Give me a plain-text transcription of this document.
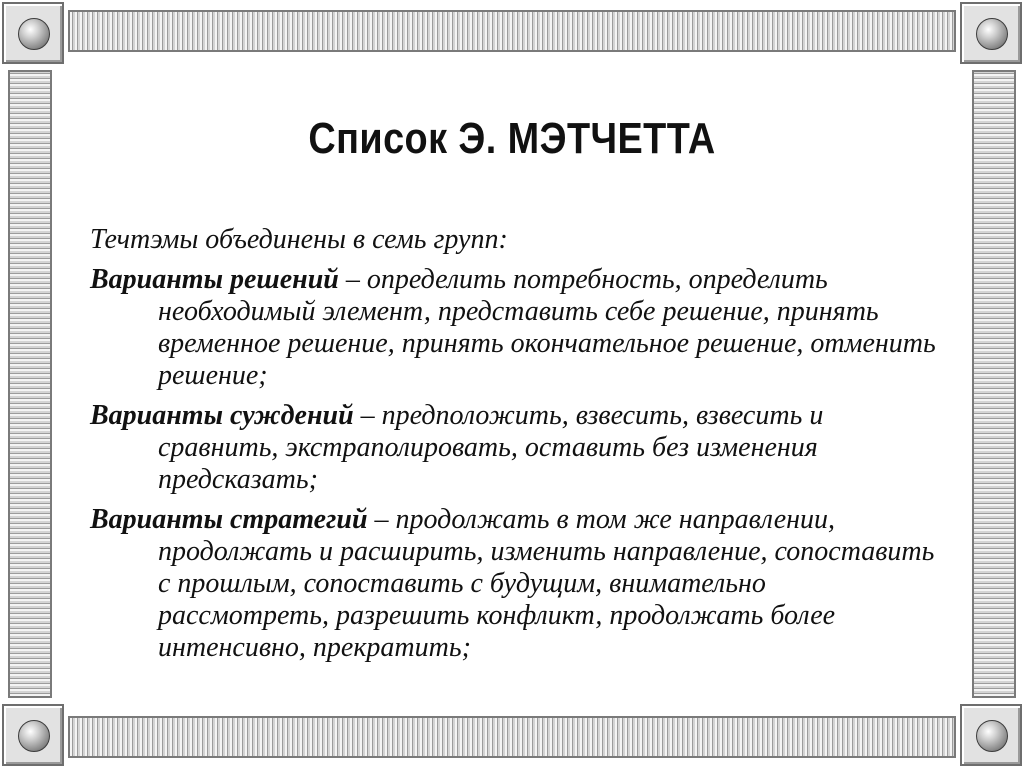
Список Э. МЭТЧЕТТА

Течтэмы объединены в семь групп:

Варианты решений – определить потребность, определить необходимый элемент, представить себе решение, принять временное решение, принять окончательное решение, отменить решение;

Варианты суждений – предположить, взвесить, взвесить и сравнить, экстраполировать, оставить без изменения предсказать;

Варианты стратегий – продолжать в том же направлении, продолжать и расширить, изменить направление, сопоставить с прошлым, сопоставить с будущим, внимательно рассмотреть, разрешить конфликт, продолжать более интенсивно, прекратить;
